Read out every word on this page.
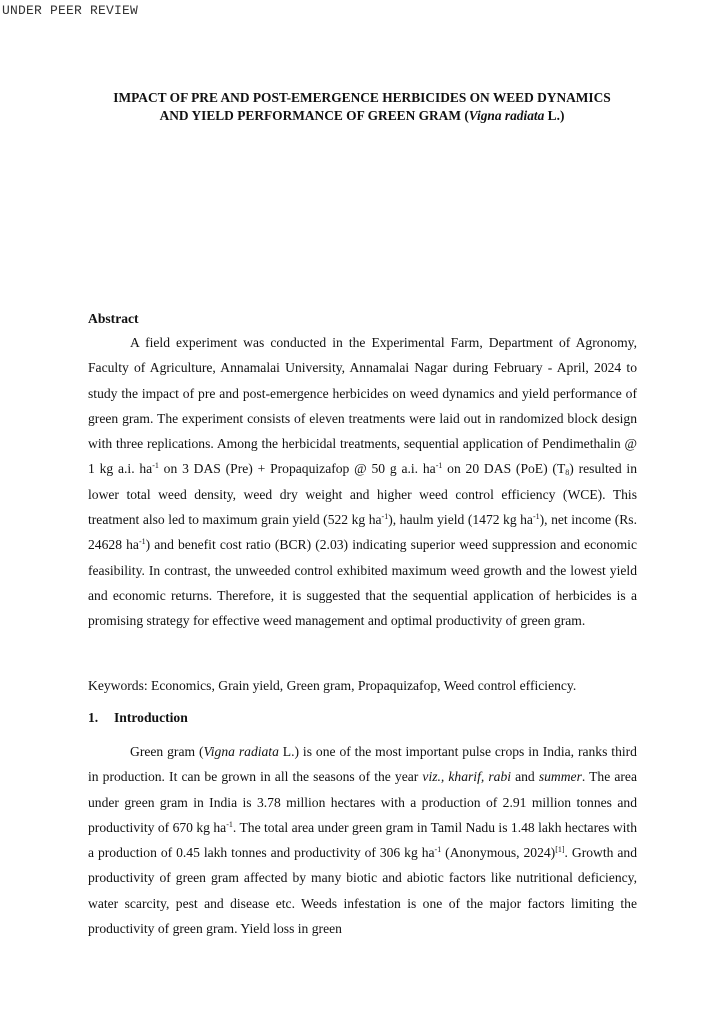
UNDER PEER REVIEW
IMPACT OF PRE AND POST-EMERGENCE HERBICIDES ON WEED DYNAMICS
AND YIELD PERFORMANCE OF GREEN GRAM (Vigna radiata L.)
Abstract
A field experiment was conducted in the Experimental Farm, Department of Agronomy, Faculty of Agriculture, Annamalai University, Annamalai Nagar during February - April, 2024 to study the impact of pre and post-emergence herbicides on weed dynamics and yield performance of green gram. The experiment consists of eleven treatments were laid out in randomized block design with three replications. Among the herbicidal treatments, sequential application of Pendimethalin @ 1 kg a.i. $ha^{-1}$ on 3 DAS (Pre) + Propaquizafop @ 50 g a.i. $ha^{-1}$ on 20 DAS (PoE) $(T_8)$ resulted in lower total weed density, weed dry weight and higher weed control efficiency (WCE). This treatment also led to maximum grain yield (522 kg $ha^{-1}$), haulm yield (1472 kg $ha^{-1}$), net income (Rs. 24628 $ha^{-1}$) and benefit cost ratio (BCR) (2.03) indicating superior weed suppression and economic feasibility. In contrast, the unweeded control exhibited maximum weed growth and the lowest yield and economic returns. Therefore, it is suggested that the sequential application of herbicides is a promising strategy for effective weed management and optimal productivity of green gram.
Keywords: Economics, Grain yield, Green gram, Propaquizafop, Weed control efficiency.
1. Introduction
Green gram (Vigna radiata L.) is one of the most important pulse crops in India, ranks third in production. It can be grown in all the seasons of the year viz., kharif, rabi and summer. The area under green gram in India is 3.78 million hectares with a production of 2.91 million tonnes and productivity of 670 kg $ha^{-1}$. The total area under green gram in Tamil Nadu is 1.48 lakh hectares with a production of 0.45 lakh tonnes and productivity of 306 kg $ha^{-1}$ (Anonymous, 2024)[1]. Growth and productivity of green gram affected by many biotic and abiotic factors like nutritional deficiency, water scarcity, pest and disease etc. Weeds infestation is one of the major factors limiting the productivity of green gram. Yield loss in green
